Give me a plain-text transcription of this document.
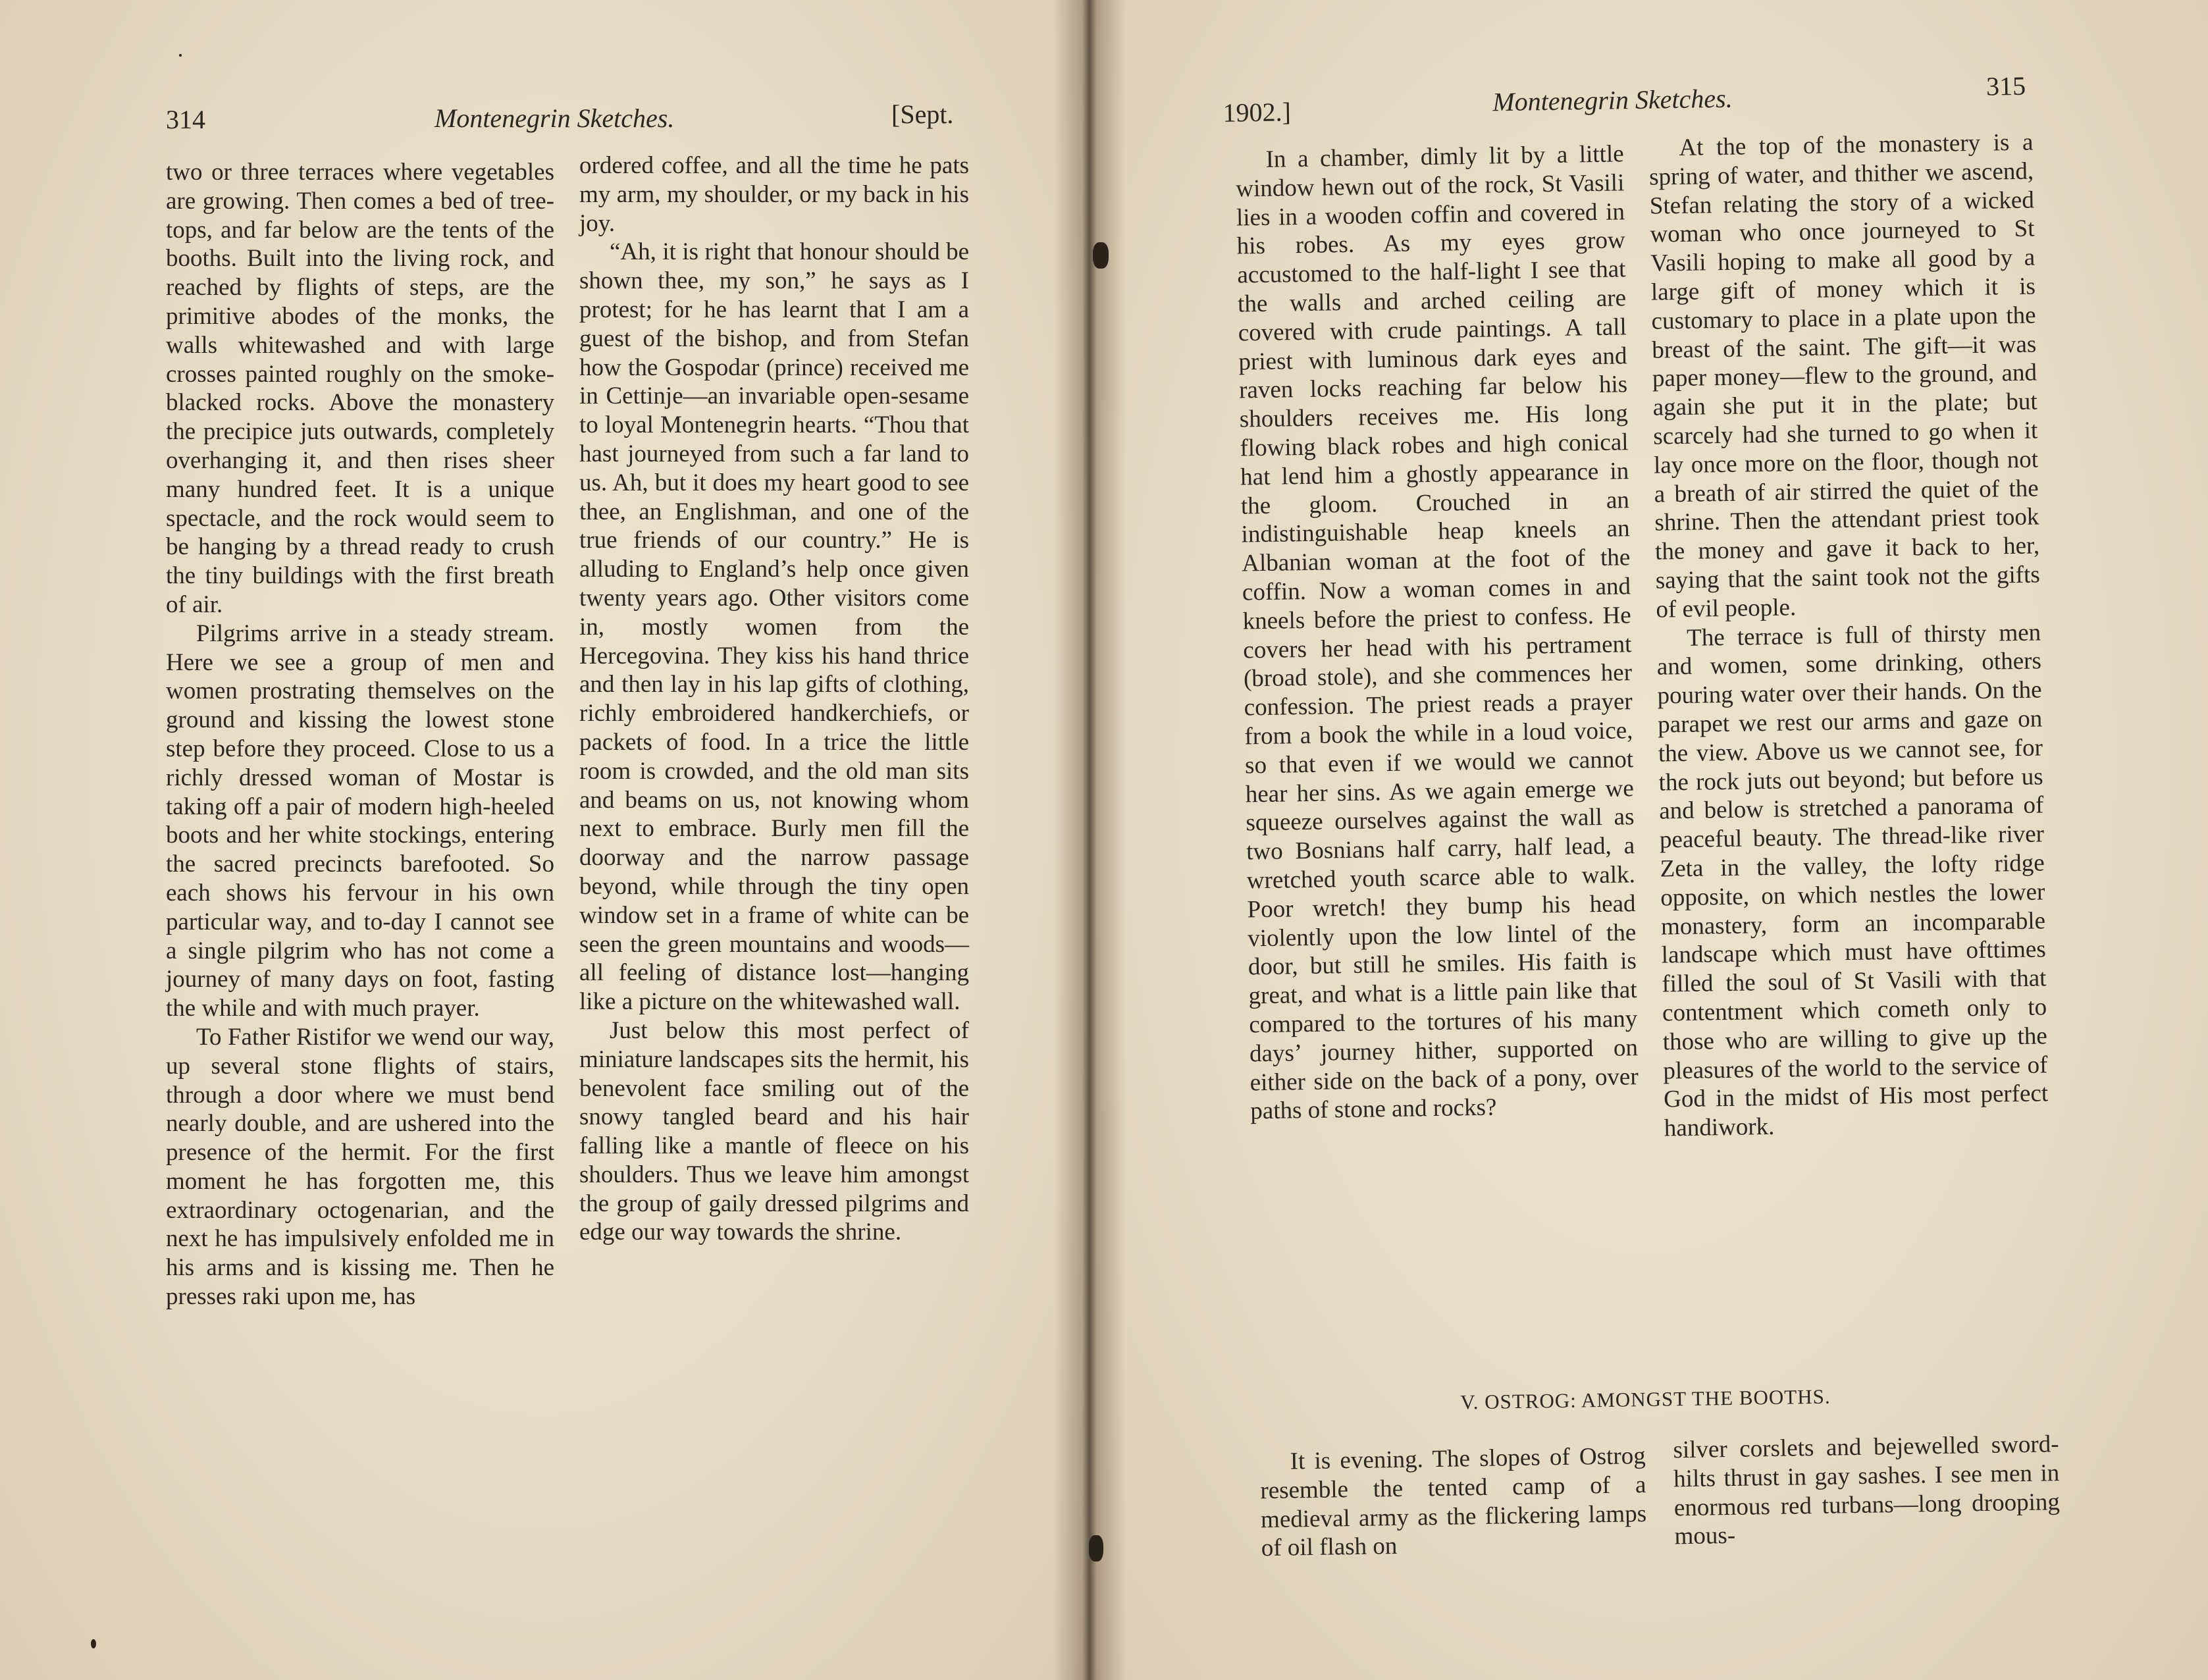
314	Montenegrin Sketches.	[Sept.

two or three terraces where vegetables are growing. Then comes a bed of tree-tops, and far below are the tents of the booths. Built into the living rock, and reached by flights of steps, are the primitive abodes of the monks, the walls whitewashed and with large crosses painted roughly on the smoke-blacked rocks. Above the monastery the precipice juts outwards, completely overhanging it, and then rises sheer many hundred feet. It is a unique spectacle, and the rock would seem to be hanging by a thread ready to crush the tiny buildings with the first breath of air.

Pilgrims arrive in a steady stream. Here we see a group of men and women prostrating themselves on the ground and kissing the lowest stone step before they proceed. Close to us a richly dressed woman of Mostar is taking off a pair of modern high-heeled boots and her white stockings, entering the sacred precincts barefooted. So each shows his fervour in his own particular way, and to-day I cannot see a single pilgrim who has not come a journey of many days on foot, fasting the while and with much prayer.

To Father Ristifor we wend our way, up several stone flights of stairs, through a door where we must bend nearly double, and are ushered into the presence of the hermit. For the first moment he has forgotten me, this extraordinary octogenarian, and the next he has impulsively enfolded me in his arms and is kissing me. Then he presses raki upon me, has

ordered coffee, and all the time he pats my arm, my shoulder, or my back in his joy.

“Ah, it is right that honour should be shown thee, my son,” he says as I protest; for he has learnt that I am a guest of the bishop, and from Stefan how the Gospodar (prince) received me in Cettinje—an invariable open-sesame to loyal Montenegrin hearts. “Thou that hast journeyed from such a far land to us. Ah, but it does my heart good to see thee, an Englishman, and one of the true friends of our country.” He is alluding to England’s help once given twenty years ago. Other visitors come in, mostly women from the Hercegovina. They kiss his hand thrice and then lay in his lap gifts of clothing, richly embroidered handkerchiefs, or packets of food. In a trice the little room is crowded, and the old man sits and beams on us, not knowing whom next to embrace. Burly men fill the doorway and the narrow passage beyond, while through the tiny open window set in a frame of white can be seen the green mountains and woods—all feeling of distance lost—hanging like a picture on the whitewashed wall.

Just below this most perfect of miniature landscapes sits the hermit, his benevolent face smiling out of the snowy tangled beard and his hair falling like a mantle of fleece on his shoulders. Thus we leave him amongst the group of gaily dressed pilgrims and edge our way towards the shrine.

1902.]	Montenegrin Sketches.	315

In a chamber, dimly lit by a little window hewn out of the rock, St Vasili lies in a wooden coffin and covered in his robes. As my eyes grow accustomed to the half-light I see that the walls and arched ceiling are covered with crude paintings. A tall priest with luminous dark eyes and raven locks reaching far below his shoulders receives me. His long flowing black robes and high conical hat lend him a ghostly appearance in the gloom. Crouched in an indistinguishable heap kneels an Albanian woman at the foot of the coffin. Now a woman comes in and kneels before the priest to confess. He covers her head with his pertrament (broad stole), and she commences her confession. The priest reads a prayer from a book the while in a loud voice, so that even if we would we cannot hear her sins. As we again emerge we squeeze ourselves against the wall as two Bosnians half carry, half lead, a wretched youth scarce able to walk. Poor wretch! they bump his head violently upon the low lintel of the door, but still he smiles. His faith is great, and what is a little pain like that compared to the tortures of his many days’ journey hither, supported on either side on the back of a pony, over paths of stone and rocks?

At the top of the monastery is a spring of water, and thither we ascend, Stefan relating the story of a wicked woman who once journeyed to St Vasili hoping to make all good by a large gift of money which it is customary to place in a plate upon the breast of the saint. The gift—it was paper money—flew to the ground, and again she put it in the plate; but scarcely had she turned to go when it lay once more on the floor, though not a breath of air stirred the quiet of the shrine. Then the attendant priest took the money and gave it back to her, saying that the saint took not the gifts of evil people.

The terrace is full of thirsty men and women, some drinking, others pouring water over their hands. On the parapet we rest our arms and gaze on the view. Above us we cannot see, for the rock juts out beyond; but before us and below is stretched a panorama of peaceful beauty. The thread-like river Zeta in the valley, the lofty ridge opposite, on which nestles the lower monastery, form an incomparable landscape which must have ofttimes filled the soul of St Vasili with that contentment which cometh only to those who are willing to give up the pleasures of the world to the service of God in the midst of His most perfect handiwork.

V. OSTROG: AMONGST THE BOOTHS.

It is evening. The slopes of Ostrog resemble the tented camp of a medieval army as the flickering lamps of oil flash on

silver corslets and bejewelled sword-hilts thrust in gay sashes. I see men in enormous red turbans—long drooping mous-
